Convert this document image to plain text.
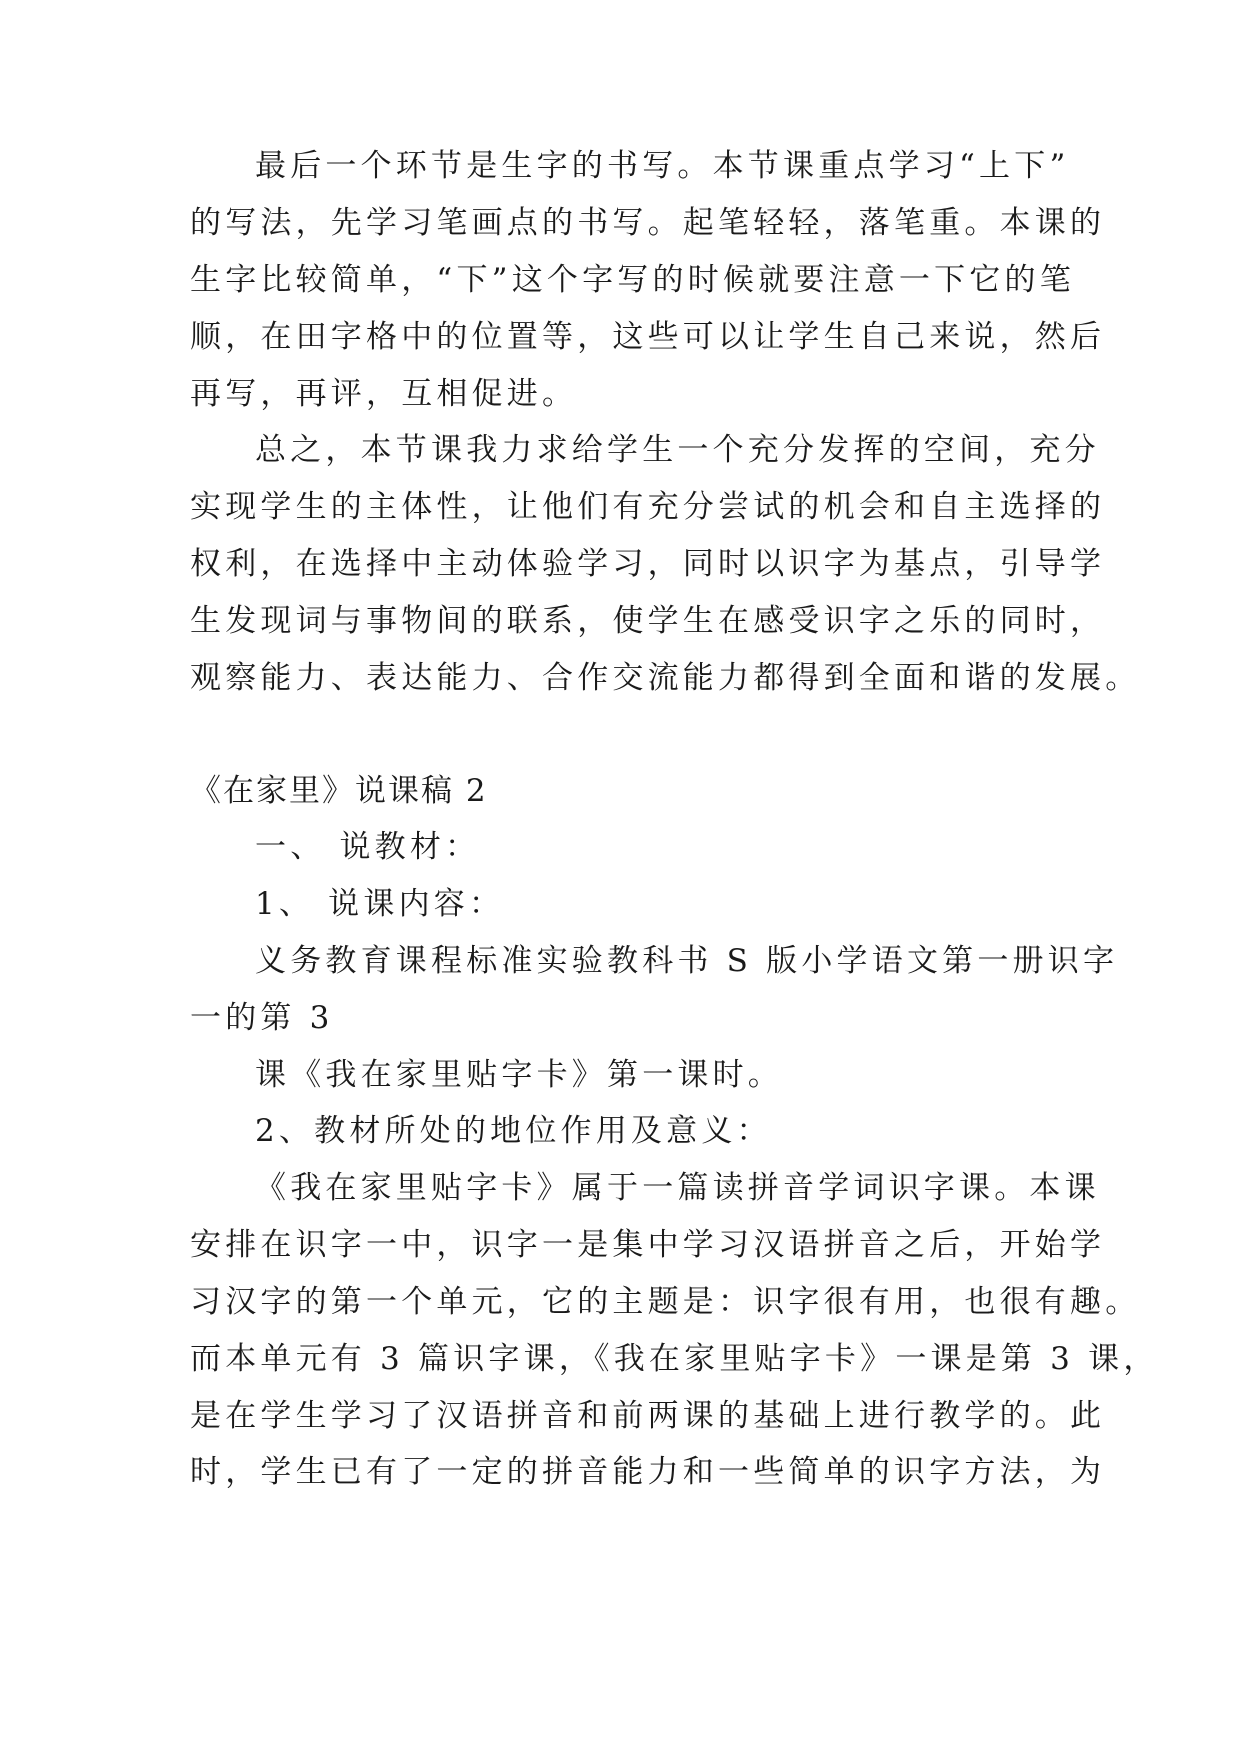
最后一个环节是生字的书写。本节课重点学习“上下”
的写法，先学习笔画点的书写。起笔轻轻，落笔重。本课的
生字比较简单，“下”这个字写的时候就要注意一下它的笔
顺，在田字格中的位置等，这些可以让学生自己来说，然后
再写，再评，互相促进。
总之，本节课我力求给学生一个充分发挥的空间，充分
实现学生的主体性，让他们有充分尝试的机会和自主选择的
权利，在选择中主动体验学习，同时以识字为基点，引导学
生发现词与事物间的联系，使学生在感受识字之乐的同时，
观察能力、表达能力、合作交流能力都得到全面和谐的发展。
《在家里》说课稿 2
一、 说教材：
1、 说课内容：
义务教育课程标准实验教科书 S 版小学语文第一册识字
一的第 3
课《我在家里贴字卡》第一课时。
2、教材所处的地位作用及意义：
《我在家里贴字卡》属于一篇读拼音学词识字课。本课
安排在识字一中，识字一是集中学习汉语拼音之后，开始学
习汉字的第一个单元，它的主题是：识字很有用，也很有趣。
而本单元有 3 篇识字课，《我在家里贴字卡》一课是第 3 课，
是在学生学习了汉语拼音和前两课的基础上进行教学的。此
时，学生已有了一定的拼音能力和一些简单的识字方法，为
